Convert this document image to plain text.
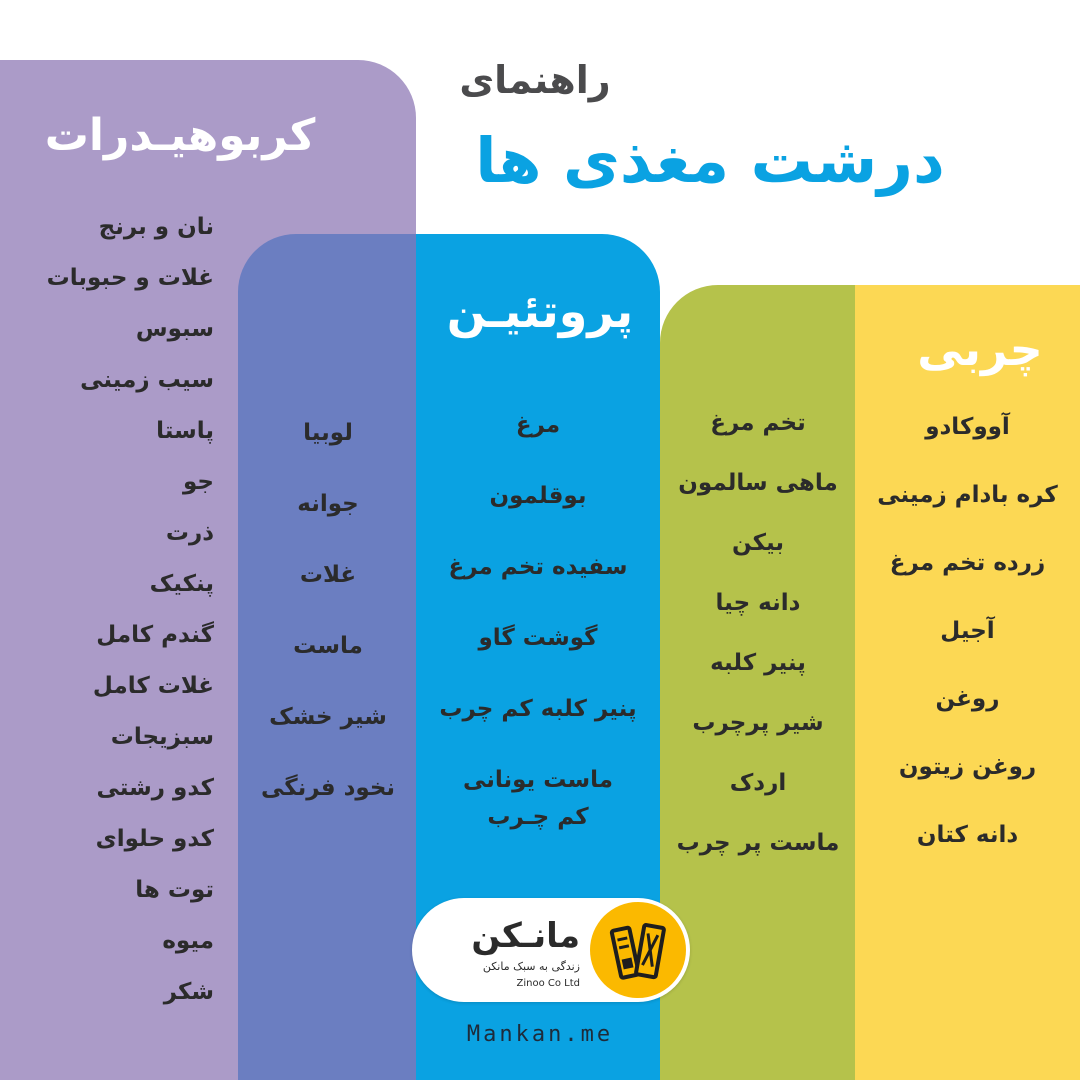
راهنمای
درشت مغذی ها
کربوهیـدرات
پروتئیـن
چربی
نان و برنج
غلات و حبوبات
سبوس
سیب زمینی
پاستا
جو
ذرت
پنکیک
گندم کامل
غلات کامل
سبزیجات
کدو رشتی
کدو حلوای
توت ها
میوه
شکر
لوبیا
جوانه
غلات
ماست
شیر خشک
نخود فرنگی
مرغ
بوقلمون
سفیده تخم مرغ
گوشت گاو
پنیر کلبه کم چرب
ماست یونانی
کم چـرب
تخم مرغ
ماهی سالمون
بیکن
دانه چیا
پنیر کلبه
شیر پرچرب
اردک
ماست پر چرب
آووکادو
کره بادام زمینی
زرده تخم مرغ
آجیل
روغن
روغن زیتون
دانه کتان
مانـکن
زندگی به سبک مانکن
Zinoo Co Ltd
Mankan.me
